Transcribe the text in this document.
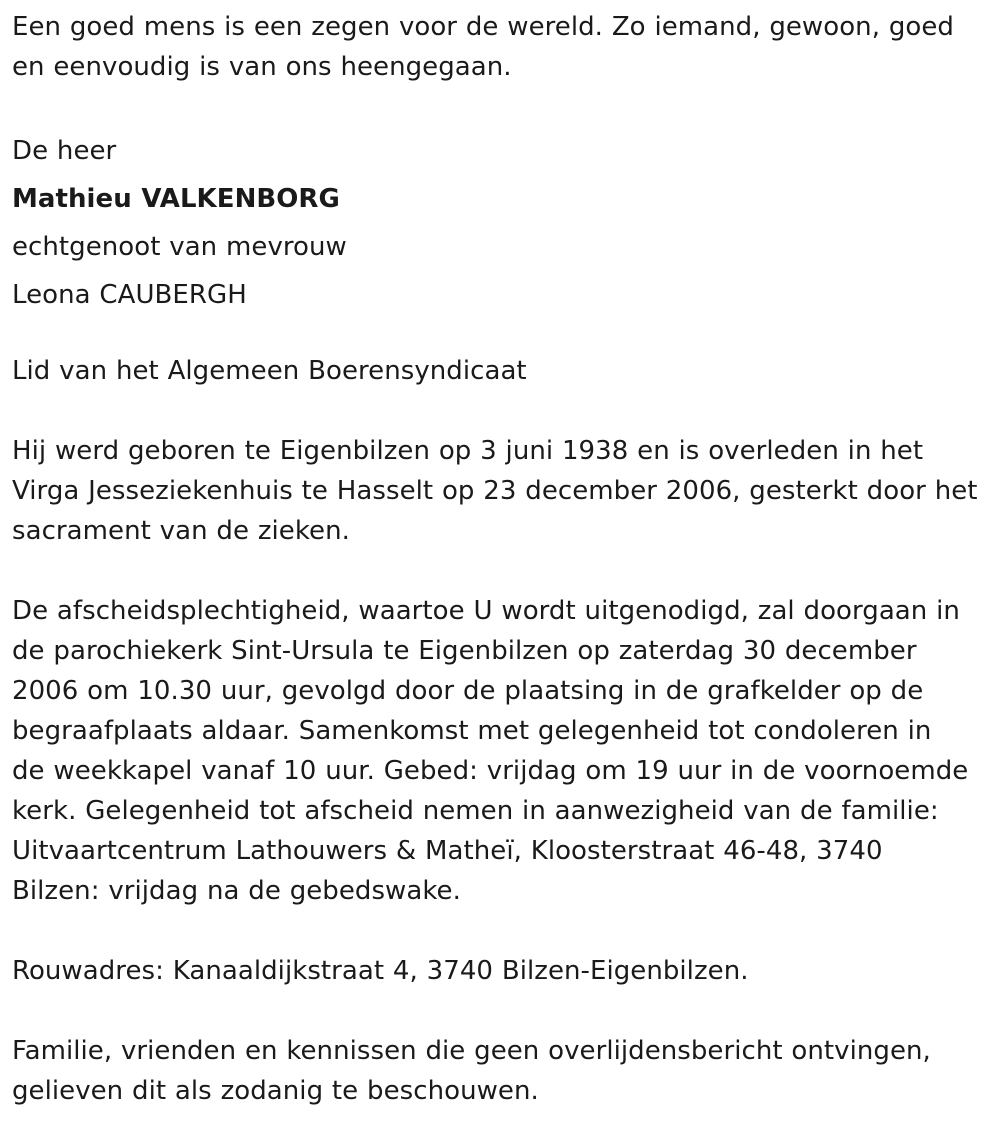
Een goed mens is een zegen voor de wereld. Zo iemand, gewoon, goed

en eenvoudig is van ons heengegaan.

De heer

Mathieu VALKENBORG

echtgenoot van mevrouw

Leona CAUBERGH

Lid van het Algemeen Boerensyndicaat

Hij werd geboren te Eigenbilzen op 3 juni 1938 en is overleden in het

Virga Jesseziekenhuis te Hasselt op 23 december 2006, gesterkt door het

sacrament van de zieken.

De afscheidsplechtigheid, waartoe U wordt uitgenodigd, zal doorgaan in

de parochiekerk Sint-Ursula te Eigenbilzen op zaterdag 30 december

2006 om 10.30 uur, gevolgd door de plaatsing in de grafkelder op de

begraafplaats aldaar. Samenkomst met gelegenheid tot condoleren in

de weekkapel vanaf 10 uur. Gebed: vrijdag om 19 uur in de voornoemde

kerk. Gelegenheid tot afscheid nemen in aanwezigheid van de familie:

Uitvaartcentrum Lathouwers & Matheï, Kloosterstraat 46-48, 3740

Bilzen: vrijdag na de gebedswake.

Rouwadres: Kanaaldijkstraat 4, 3740 Bilzen-Eigenbilzen.

Familie, vrienden en kennissen die geen overlijdensbericht ontvingen,

gelieven dit als zodanig te beschouwen.
